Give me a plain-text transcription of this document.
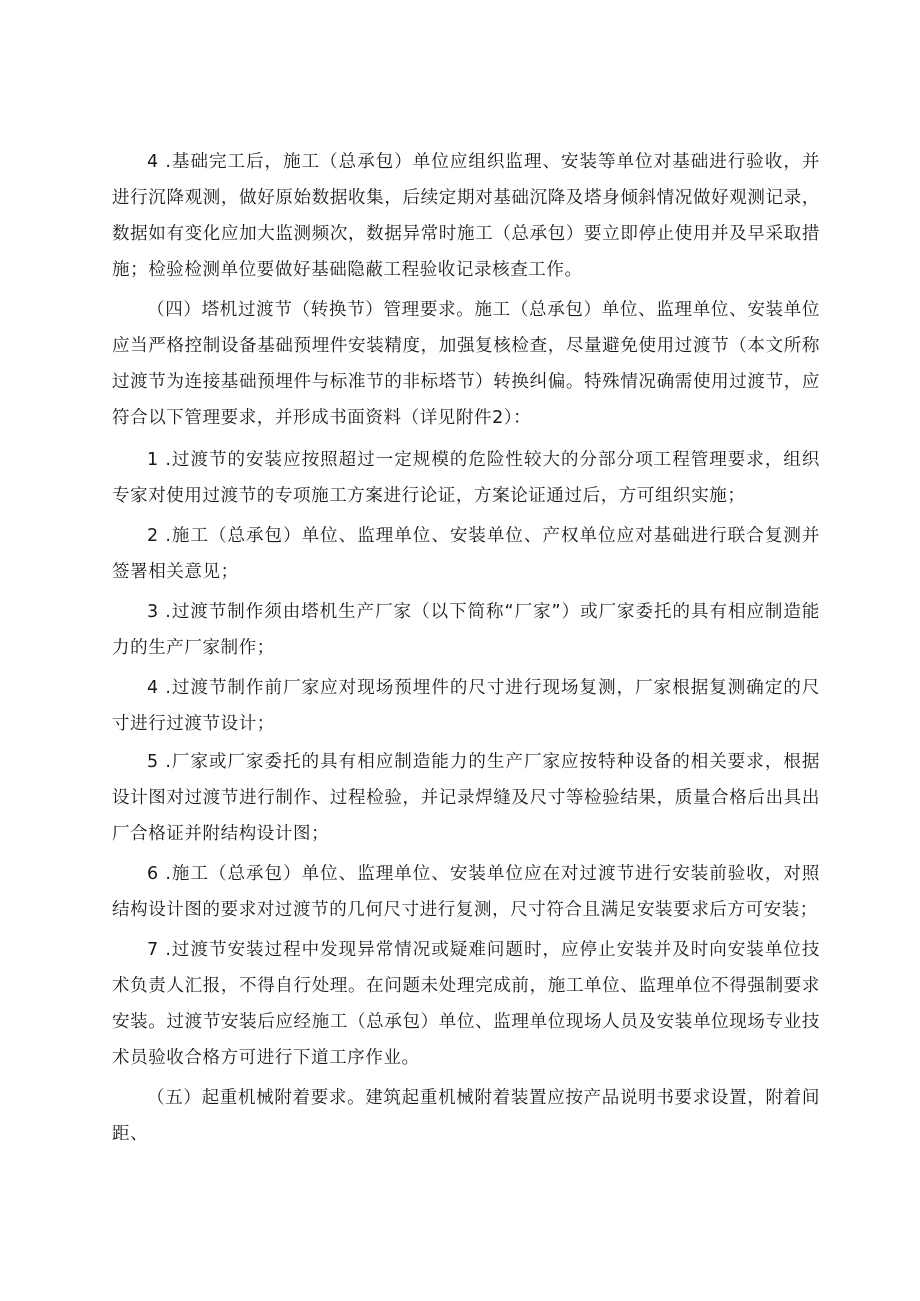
4 .基础完工后，施工（总承包）单位应组织监理、安装等单位对基础进行验收，并进行沉降观测，做好原始数据收集，后续定期对基础沉降及塔身倾斜情况做好观测记录，数据如有变化应加大监测频次，数据异常时施工（总承包）要立即停止使用并及早采取措施；检验检测单位要做好基础隐蔽工程验收记录核查工作。

（四）塔机过渡节（转换节）管理要求。施工（总承包）单位、监理单位、安装单位应当严格控制设备基础预埋件安装精度，加强复核检查，尽量避免使用过渡节（本文所称过渡节为连接基础预埋件与标准节的非标塔节）转换纠偏。特殊情况确需使用过渡节，应符合以下管理要求，并形成书面资料（详见附件2）：

1 .过渡节的安装应按照超过一定规模的危险性较大的分部分项工程管理要求，组织专家对使用过渡节的专项施工方案进行论证，方案论证通过后，方可组织实施；

2 .施工（总承包）单位、监理单位、安装单位、产权单位应对基础进行联合复测并签署相关意见；

3 .过渡节制作须由塔机生产厂家（以下简称“厂家”）或厂家委托的具有相应制造能力的生产厂家制作；

4 .过渡节制作前厂家应对现场预埋件的尺寸进行现场复测，厂家根据复测确定的尺寸进行过渡节设计；

5 .厂家或厂家委托的具有相应制造能力的生产厂家应按特种设备的相关要求，根据设计图对过渡节进行制作、过程检验，并记录焊缝及尺寸等检验结果，质量合格后出具出厂合格证并附结构设计图；

6 .施工（总承包）单位、监理单位、安装单位应在对过渡节进行安装前验收，对照结构设计图的要求对过渡节的几何尺寸进行复测，尺寸符合且满足安装要求后方可安装；

7 .过渡节安装过程中发现异常情况或疑难问题时，应停止安装并及时向安装单位技术负责人汇报，不得自行处理。在问题未处理完成前，施工单位、监理单位不得强制要求安装。过渡节安装后应经施工（总承包）单位、监理单位现场人员及安装单位现场专业技术员验收合格方可进行下道工序作业。

（五）起重机械附着要求。建筑起重机械附着装置应按产品说明书要求设置，附着间距、
